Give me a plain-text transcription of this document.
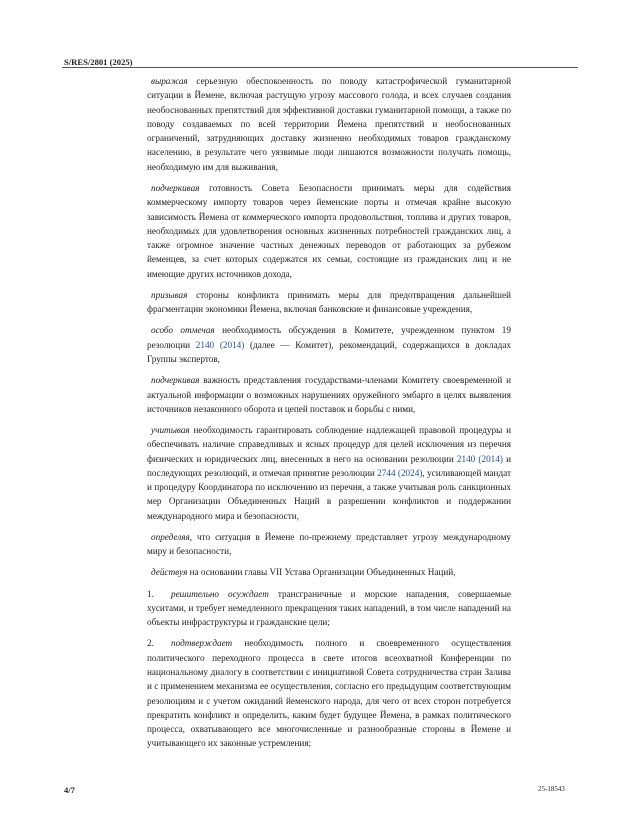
S/RES/2801 (2025)

выражая серьезную обеспокоенность по поводу катастрофической гуманитарной ситуации в Йемене, включая растущую угрозу массового голода, и всех случаев создания необоснованных препятствий для эффективной доставки гуманитарной помощи, а также по поводу создаваемых по всей территории Йемена препятствий и необоснованных ограничений, затрудняющих доставку жизненно необходимых товаров гражданскому населению, в результате чего уязвимые люди лишаются возможности получать помощь, необходимую им для выживания,

подчеркивая готовность Совета Безопасности принимать меры для содействия коммерческому импорту товаров через йеменские порты и отмечая крайне высокую зависимость Йемена от коммерческого импорта продовольствия, топлива и других товаров, необходимых для удовлетворения основных жизненных потребностей гражданских лиц, а также огромное значение частных денежных переводов от работающих за рубежом йеменцев, за счет которых содержатся их семьи, состоящие из гражданских лиц и не имеющие других источников дохода,

призывая стороны конфликта принимать меры для предотвращения дальнейшей фрагментации экономики Йемена, включая банковские и финансовые учреждения,

особо отмечая необходимость обсуждения в Комитете, учрежденном пунктом 19 резолюции 2140 (2014) (далее — Комитет), рекомендаций, содержащихся в докладах Группы экспертов,

подчеркивая важность представления государствами-членами Комитету своевременной и актуальной информации о возможных нарушениях оружейного эмбарго в целях выявления источников незаконного оборота и цепей поставок и борьбы с ними,

учитывая необходимость гарантировать соблюдение надлежащей правовой процедуры и обеспечивать наличие справедливых и ясных процедур для целей исключения из перечня физических и юридических лиц, внесенных в него на основании резолюции 2140 (2014) и последующих резолюций, и отмечая принятие резолюции 2744 (2024), усиливающей мандат и процедуру Координатора по исключению из перечня, а также учитывая роль санкционных мер Организации Объединенных Наций в разрешении конфликтов и поддержании международного мира и безопасности,

определяя, что ситуация в Йемене по-прежнему представляет угрозу международному миру и безопасности,

действуя на основании главы VII Устава Организации Объединенных Наций,

1. решительно осуждает трансграничные и морские нападения, совершаемые хуситами, и требует немедленного прекращения таких нападений, в том числе нападений на объекты инфраструктуры и гражданские цели;

2. подтверждает необходимость полного и своевременного осуществления политического переходного процесса в свете итогов всеохватной Конференции по национальному диалогу в соответствии с инициативой Совета сотрудничества стран Залива и с применением механизма ее осуществления, согласно его предыдущим соответствующим резолюциям и с учетом ожиданий йеменского народа, для чего от всех сторон потребуется прекратить конфликт и определить, каким будет будущее Йемена, в рамках политического процесса, охватывающего все многочисленные и разнообразные стороны в Йемене и учитывающего их законные устремления;

4/7	25-18543
